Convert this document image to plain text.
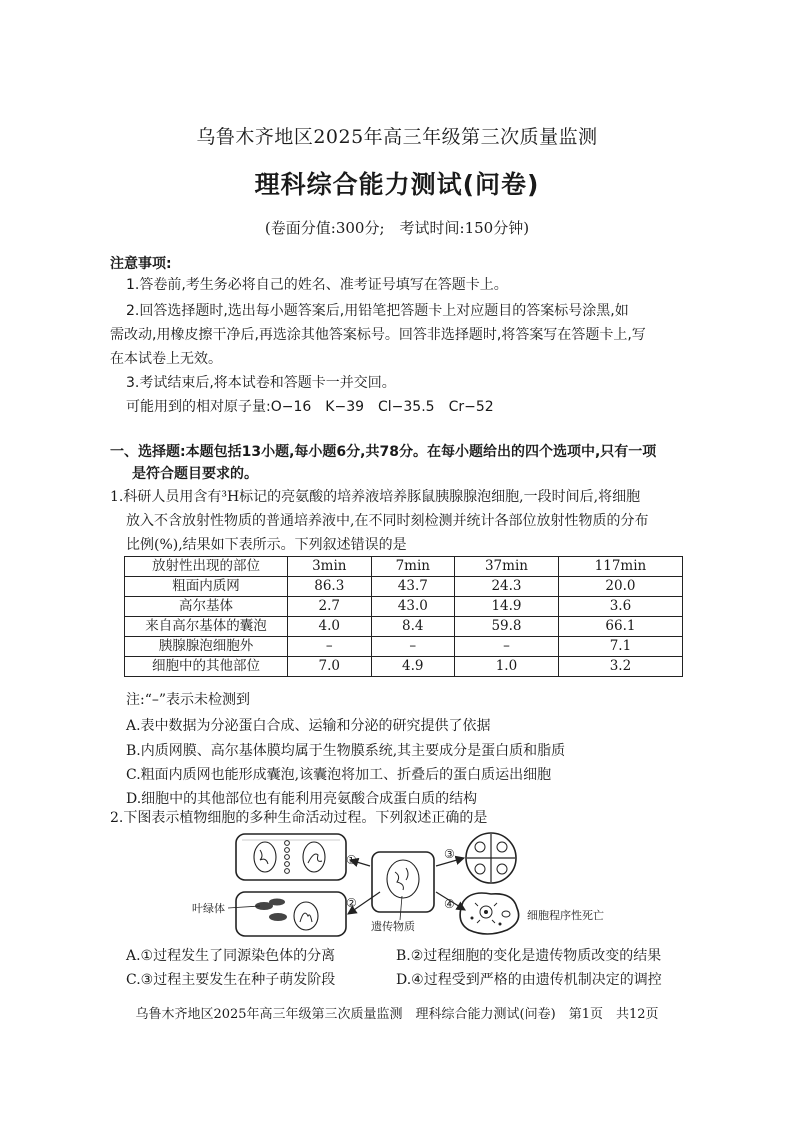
乌鲁木齐地区2025年高三年级第三次质量监测
理科综合能力测试(问卷)
(卷面分值:300分;　考试时间:150分钟)
注意事项:
1.答卷前,考生务必将自己的姓名、准考证号填写在答题卡上。
2.回答选择题时,选出每小题答案后,用铅笔把答题卡上对应题目的答案标号涂黑,如
需改动,用橡皮擦干净后,再选涂其他答案标号。回答非选择题时,将答案写在答题卡上,写
在本试卷上无效。
3.考试结束后,将本试卷和答题卡一并交回。
可能用到的相对原子量:O−16　K−39　Cl−35.5　Cr−52
一、选择题:本题包括13小题,每小题6分,共78分。在每小题给出的四个选项中,只有一项
是符合题目要求的。
1.科研人员用含有³H标记的亮氨酸的培养液培养豚鼠胰腺腺泡细胞,一段时间后,将细胞
放入不含放射性物质的普通培养液中,在不同时刻检测并统计各部位放射性物质的分布
比例(%),结果如下表所示。下列叙述错误的是
放射性出现的部位	3min	7min	37min	117min
粗面内质网	86.3	43.7	24.3	20.0
高尔基体	2.7	43.0	14.9	3.6
来自高尔基体的囊泡	4.0	8.4	59.8	66.1
胰腺腺泡细胞外	–	–	–	7.1
细胞中的其他部位	7.0	4.9	1.0	3.2
注:“–”表示未检测到
A.表中数据为分泌蛋白合成、运输和分泌的研究提供了依据
B.内质网膜、高尔基体膜均属于生物膜系统,其主要成分是蛋白质和脂质
C.粗面内质网也能形成囊泡,该囊泡将加工、折叠后的蛋白质运出细胞
D.细胞中的其他部位也有能利用亮氨酸合成蛋白质的结构
2.下图表示植物细胞的多种生命活动过程。下列叙述正确的是
①
②
③
④
叶绿体
遗传物质
细胞程序性死亡
A.①过程发生了同源染色体的分离	B.②过程细胞的变化是遗传物质改变的结果
C.③过程主要发生在种子萌发阶段	D.④过程受到严格的由遗传机制决定的调控
乌鲁木齐地区2025年高三年级第三次质量监测　理科综合能力测试(问卷)　第1页　共12页
